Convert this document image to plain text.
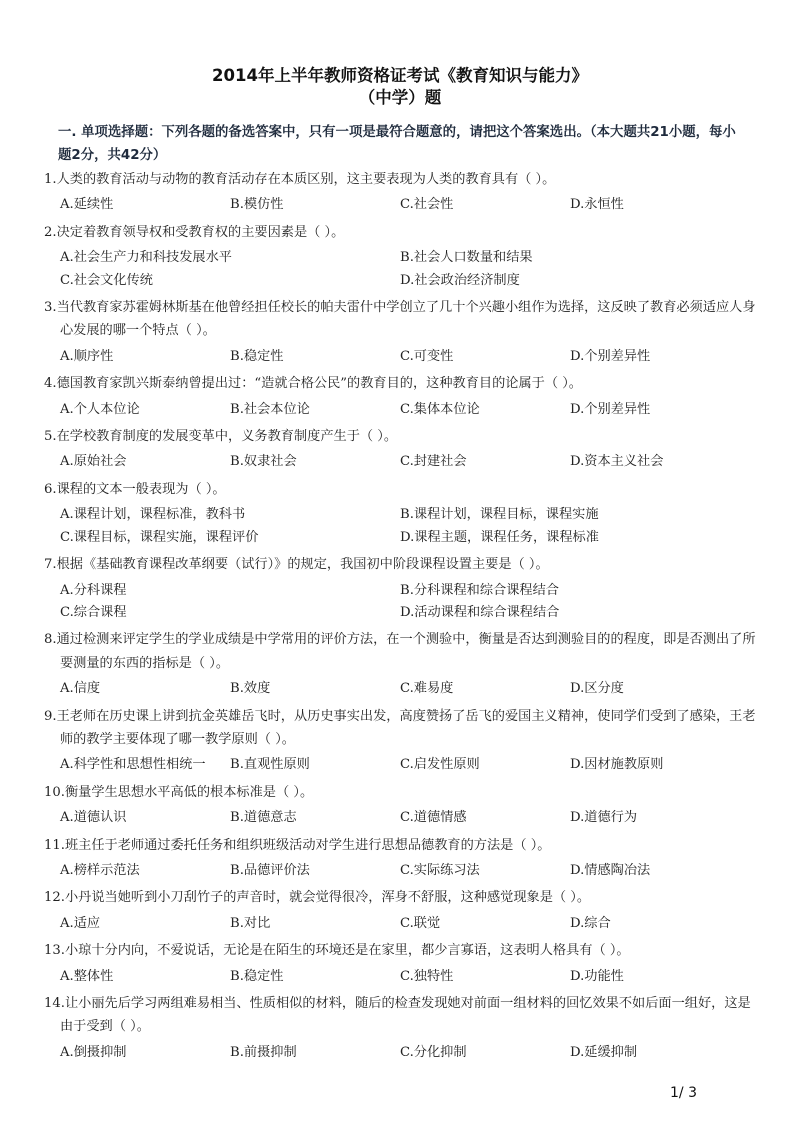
2014年上半年教师资格证考试《教育知识与能力》
（中学）题
一. 单项选择题：下列各题的备选答案中，只有一项是最符合题意的，请把这个答案选出。（本大题共21小题，每小题2分，共42分）

1.人类的教育活动与动物的教育活动存在本质区别，这主要表现为人类的教育具有（ ）。

A.延续性	B.模仿性	C.社会性	D.永恒性

2.决定着教育领导权和受教育权的主要因素是（ ）。

A.社会生产力和科技发展水平	B.社会人口数量和结果
C.社会文化传统	D.社会政治经济制度

3.当代教育家苏霍姆林斯基在他曾经担任校长的帕夫雷什中学创立了几十个兴趣小组作为选择，这反映了教育必须适应人身心发展的哪一个特点（ ）。

A.顺序性	B.稳定性	C.可变性	D.个别差异性

4.德国教育家凯兴斯泰纳曾提出过：“造就合格公民”的教育目的，这种教育目的论属于（ ）。

A.个人本位论	B.社会本位论	C.集体本位论	D.个别差异性

5.在学校教育制度的发展变革中，义务教育制度产生于（ ）。

A.原始社会	B.奴隶社会	C.封建社会	D.资本主义社会

6.课程的文本一般表现为（ ）。

A.课程计划，课程标准，教科书	B.课程计划，课程目标，课程实施
C.课程目标，课程实施，课程评价	D.课程主题，课程任务，课程标准

7.根据《基础教育课程改革纲要（试行）》的规定，我国初中阶段课程设置主要是（ ）。

A.分科课程	B.分科课程和综合课程结合
C.综合课程	D.活动课程和综合课程结合

8.通过检测来评定学生的学业成绩是中学常用的评价方法，在一个测验中，衡量是否达到测验目的的程度，即是否测出了所要测量的东西的指标是（ ）。

A.信度	B.效度	C.难易度	D.区分度

9.王老师在历史课上讲到抗金英雄岳飞时，从历史事实出发，高度赞扬了岳飞的爱国主义精神，使同学们受到了感染，王老师的教学主要体现了哪一教学原则（ ）。

A.科学性和思想性相统一	B.直观性原则	C.启发性原则	D.因材施教原则

10.衡量学生思想水平高低的根本标准是（ ）。

A.道德认识	B.道德意志	C.道德情感	D.道德行为

11.班主任于老师通过委托任务和组织班级活动对学生进行思想品德教育的方法是（ ）。

A.榜样示范法	B.品德评价法	C.实际练习法	D.情感陶冶法

12.小丹说当她听到小刀刮竹子的声音时，就会觉得很冷，浑身不舒服，这种感觉现象是（ ）。

A.适应	B.对比	C.联觉	D.综合

13.小琼十分内向，不爱说话，无论是在陌生的环境还是在家里，都少言寡语，这表明人格具有（ ）。

A.整体性	B.稳定性	C.独特性	D.功能性

14.让小丽先后学习两组难易相当、性质相似的材料，随后的检查发现她对前面一组材料的回忆效果不如后面一组好，这是由于受到（ ）。

A.倒摄抑制	B.前摄抑制	C.分化抑制	D.延缓抑制
1/ 3
